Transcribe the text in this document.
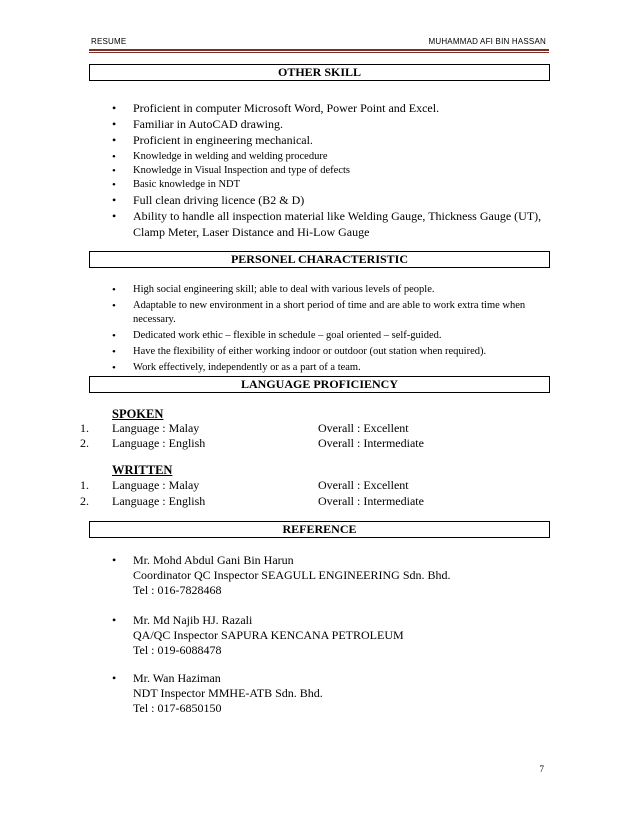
RESUME	MUHAMMAD AFI BIN HASSAN
OTHER SKILL
• Proficient in computer Microsoft Word, Power Point and Excel.
• Familiar in AutoCAD drawing.
• Proficient in engineering mechanical.
• Knowledge in welding and welding procedure
• Knowledge in Visual Inspection and type of defects
• Basic knowledge in NDT
• Full clean driving licence (B2 & D)
• Ability to handle all inspection material like Welding Gauge, Thickness Gauge (UT), Clamp Meter, Laser Distance and Hi-Low Gauge
PERSONEL CHARACTERISTIC
• High social engineering skill; able to deal with various levels of people.
• Adaptable to new environment in a short period of time and are able to work extra time when necessary.
• Dedicated work ethic – flexible in schedule – goal oriented – self-guided.
• Have the flexibility of either working indoor or outdoor (out station when required).
• Work effectively, independently or as a part of a team.
LANGUAGE PROFICIENCY
SPOKEN
1.	Language : Malay	Overall : Excellent
2.	Language : English	Overall : Intermediate
WRITTEN
1.	Language : Malay	Overall : Excellent
2.	Language : English	Overall : Intermediate
REFERENCE
• Mr. Mohd Abdul Gani Bin Harun
Coordinator QC Inspector SEAGULL ENGINEERING Sdn. Bhd.
Tel : 016-7828468
• Mr. Md Najib HJ. Razali
QA/QC Inspector SAPURA KENCANA PETROLEUM
Tel : 019-6088478
• Mr. Wan Haziman
NDT Inspector MMHE-ATB Sdn. Bhd.
Tel : 017-6850150
7
